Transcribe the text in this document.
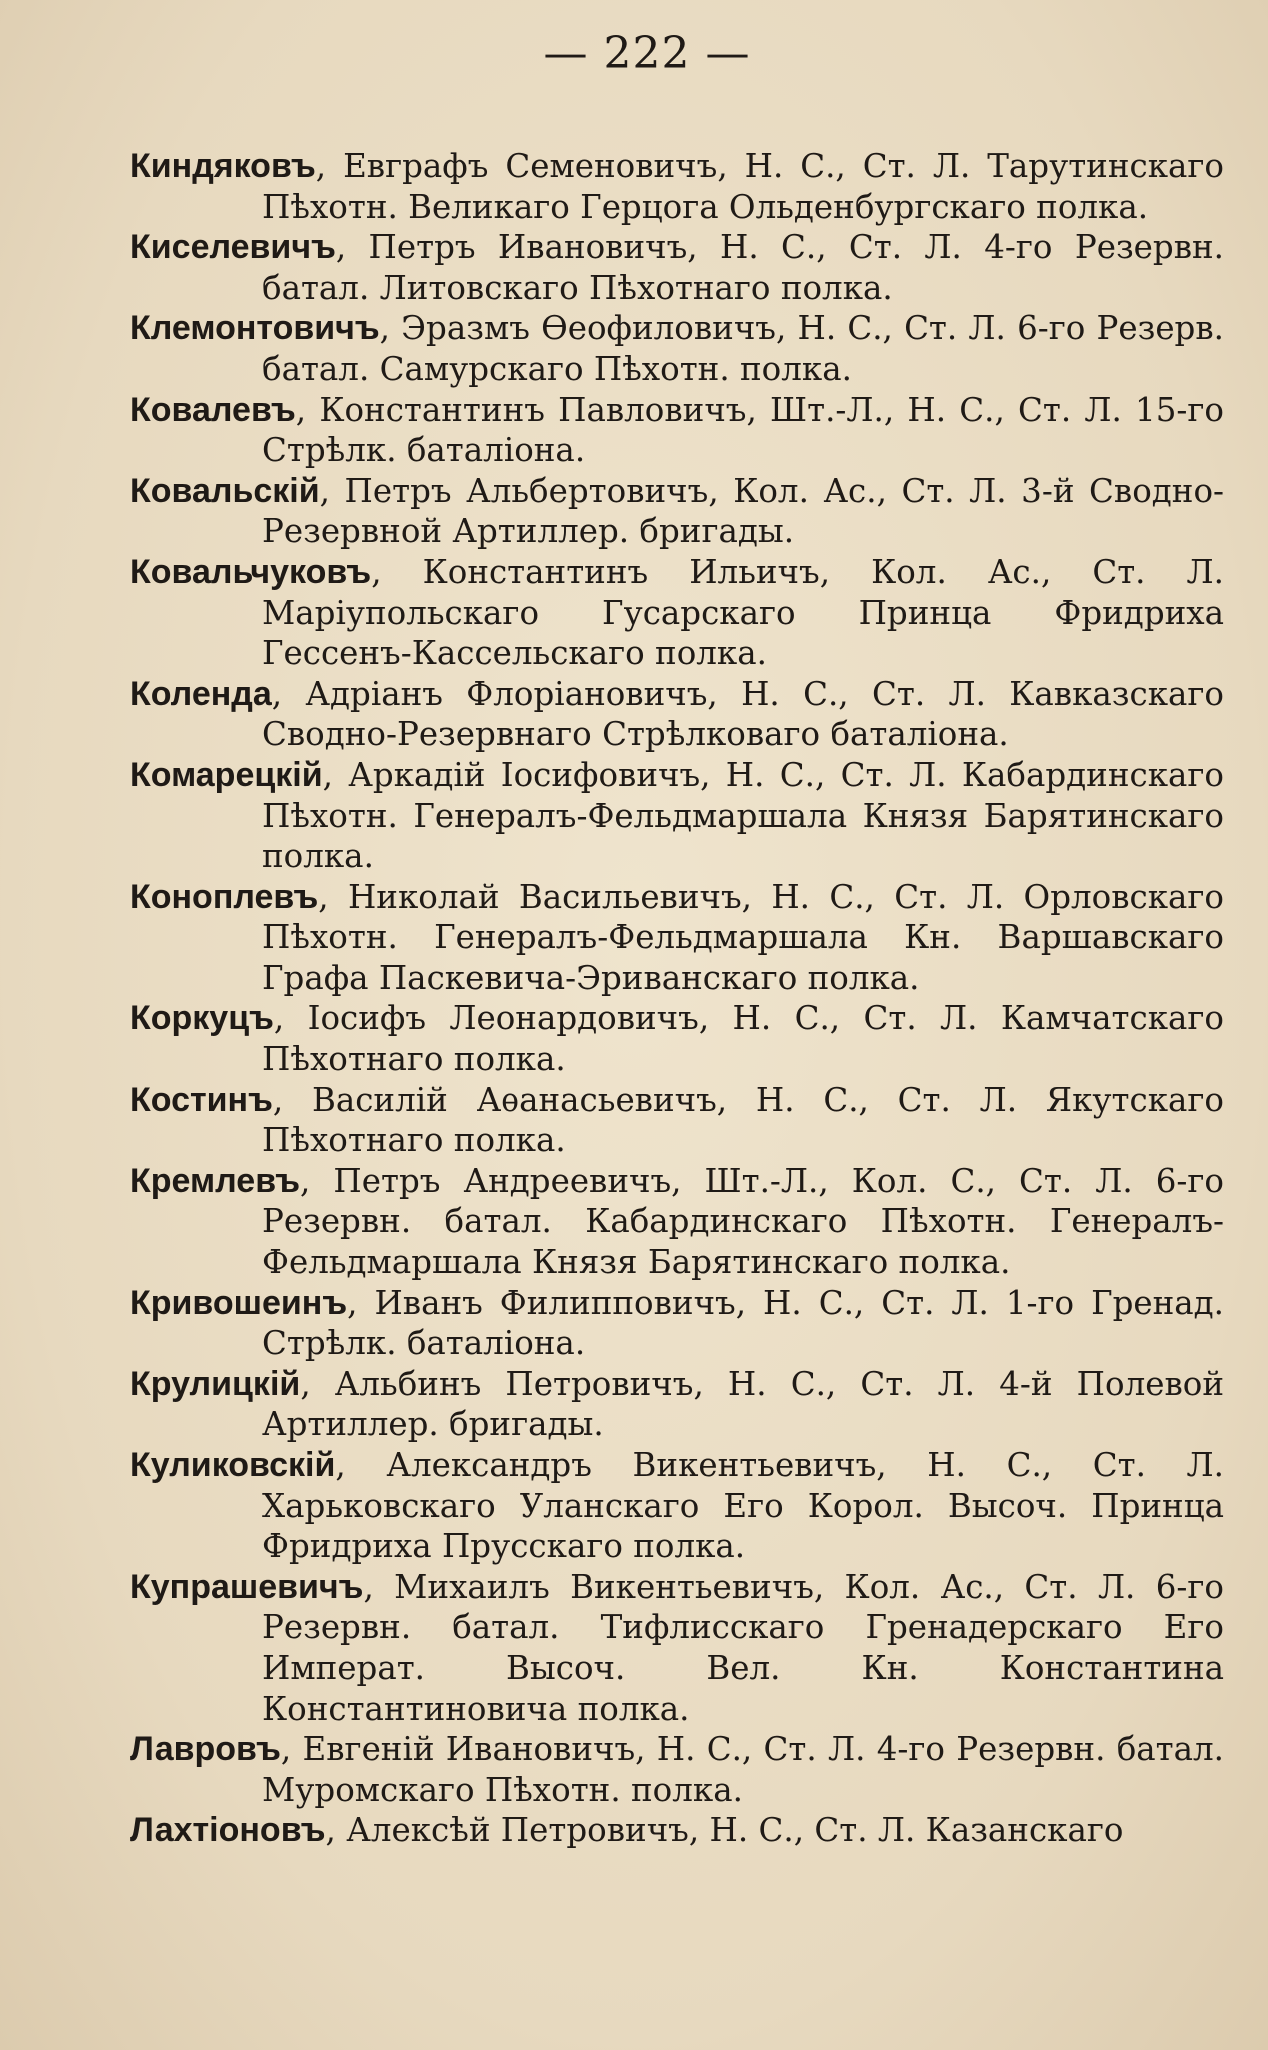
— 222 —

Киндяковъ, Евграфъ Семеновичъ, Н. С., Ст. Л. Тарутинскаго Пѣхотн. Великаго Герцога Ольденбургскаго полка.

Киселевичъ, Петръ Ивановичъ, Н. С., Ст. Л. 4-го Резервн. батал. Литовскаго Пѣхотнаго полка.

Клемонтовичъ, Эразмъ Ѳеофиловичъ, Н. С., Ст. Л. 6-го Резерв. батал. Самурскаго Пѣхотн. полка.

Ковалевъ, Константинъ Павловичъ, Шт.-Л., Н. С., Ст. Л. 15-го Стрѣлк. баталіона.

Ковальскій, Петръ Альбертовичъ, Кол. Ас., Ст. Л. 3-й Сводно-Резервной Артиллер. бригады.

Ковальчуковъ, Константинъ Ильичъ, Кол. Ас., Ст. Л. Маріупольскаго Гусарскаго Принца Фридриха Гессенъ-Кассельскаго полка.

Коленда, Адріанъ Флоріановичъ, Н. С., Ст. Л. Кавказскаго Сводно-Резервнаго Стрѣлковаго баталіона.

Комарецкій, Аркадій Іосифовичъ, Н. С., Ст. Л. Кабардинскаго Пѣхотн. Генералъ-Фельдмаршала Князя Барятинскаго полка.

Коноплевъ, Николай Васильевичъ, Н. С., Ст. Л. Орловскаго Пѣхотн. Генералъ-Фельдмаршала Кн. Варшавскаго Графа Паскевича-Эриванскаго полка.

Коркуцъ, Іосифъ Леонардовичъ, Н. С., Ст. Л. Камчатскаго Пѣхотнаго полка.

Костинъ, Василій Аѳанасьевичъ, Н. С., Ст. Л. Якутскаго Пѣхотнаго полка.

Кремлевъ, Петръ Андреевичъ, Шт.-Л., Кол. С., Ст. Л. 6-го Резервн. батал. Кабардинскаго Пѣхотн. Генералъ-Фельдмаршала Князя Барятинскаго полка.

Кривошеинъ, Иванъ Филипповичъ, Н. С., Ст. Л. 1-го Гренад. Стрѣлк. баталіона.

Крулицкій, Альбинъ Петровичъ, Н. С., Ст. Л. 4-й Полевой Артиллер. бригады.

Куликовскій, Александръ Викентьевичъ, Н. С., Ст. Л. Харьковскаго Уланскаго Его Корол. Высоч. Принца Фридриха Прусскаго полка.

Купрашевичъ, Михаилъ Викентьевичъ, Кол. Ас., Ст. Л. 6-го Резервн. батал. Тифлисскаго Гренадерскаго Его Императ. Высоч. Вел. Кн. Константина Константиновича полка.

Лавровъ, Евгеній Ивановичъ, Н. С., Ст. Л. 4-го Резервн. батал. Муромскаго Пѣхотн. полка.

Лахтіоновъ, Алексѣй Петровичъ, Н. С., Ст. Л. Казанскаго
